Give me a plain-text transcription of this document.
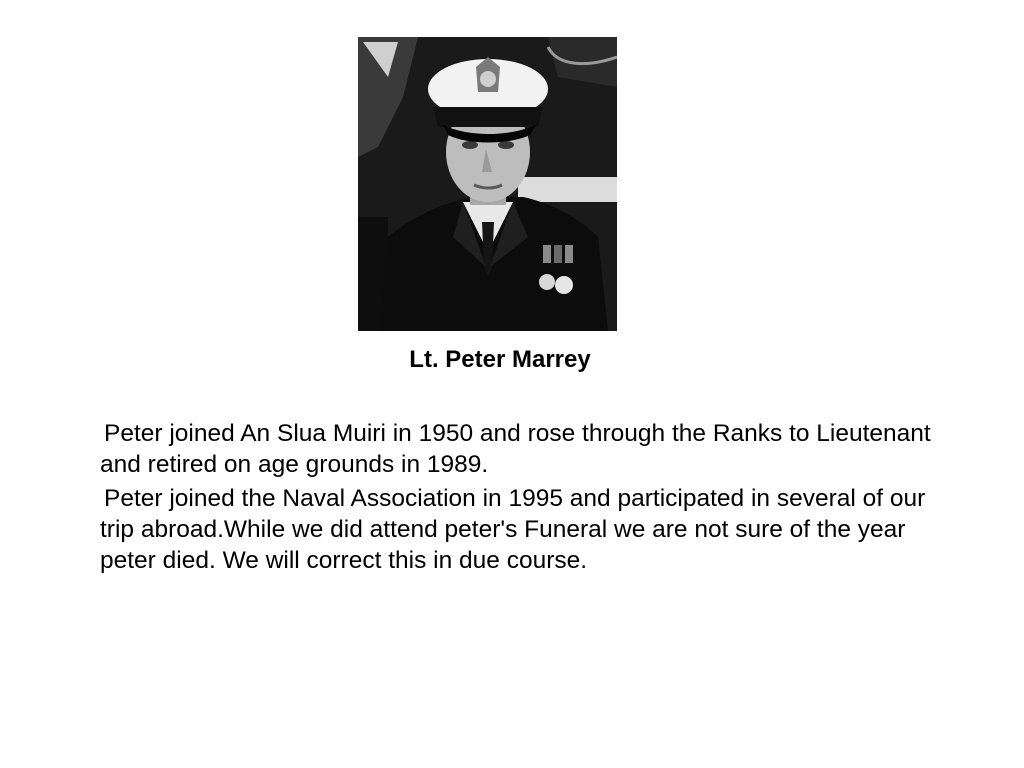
Lt. Peter Marrey

Peter joined An Slua Muiri in 1950 and rose through the Ranks to Lieutenant and retired on age grounds in 1989.

Peter joined the Naval Association in 1995 and participated in several of our trip abroad.While we did attend peter's Funeral we are not sure of the year peter died. We will correct this in due course.
